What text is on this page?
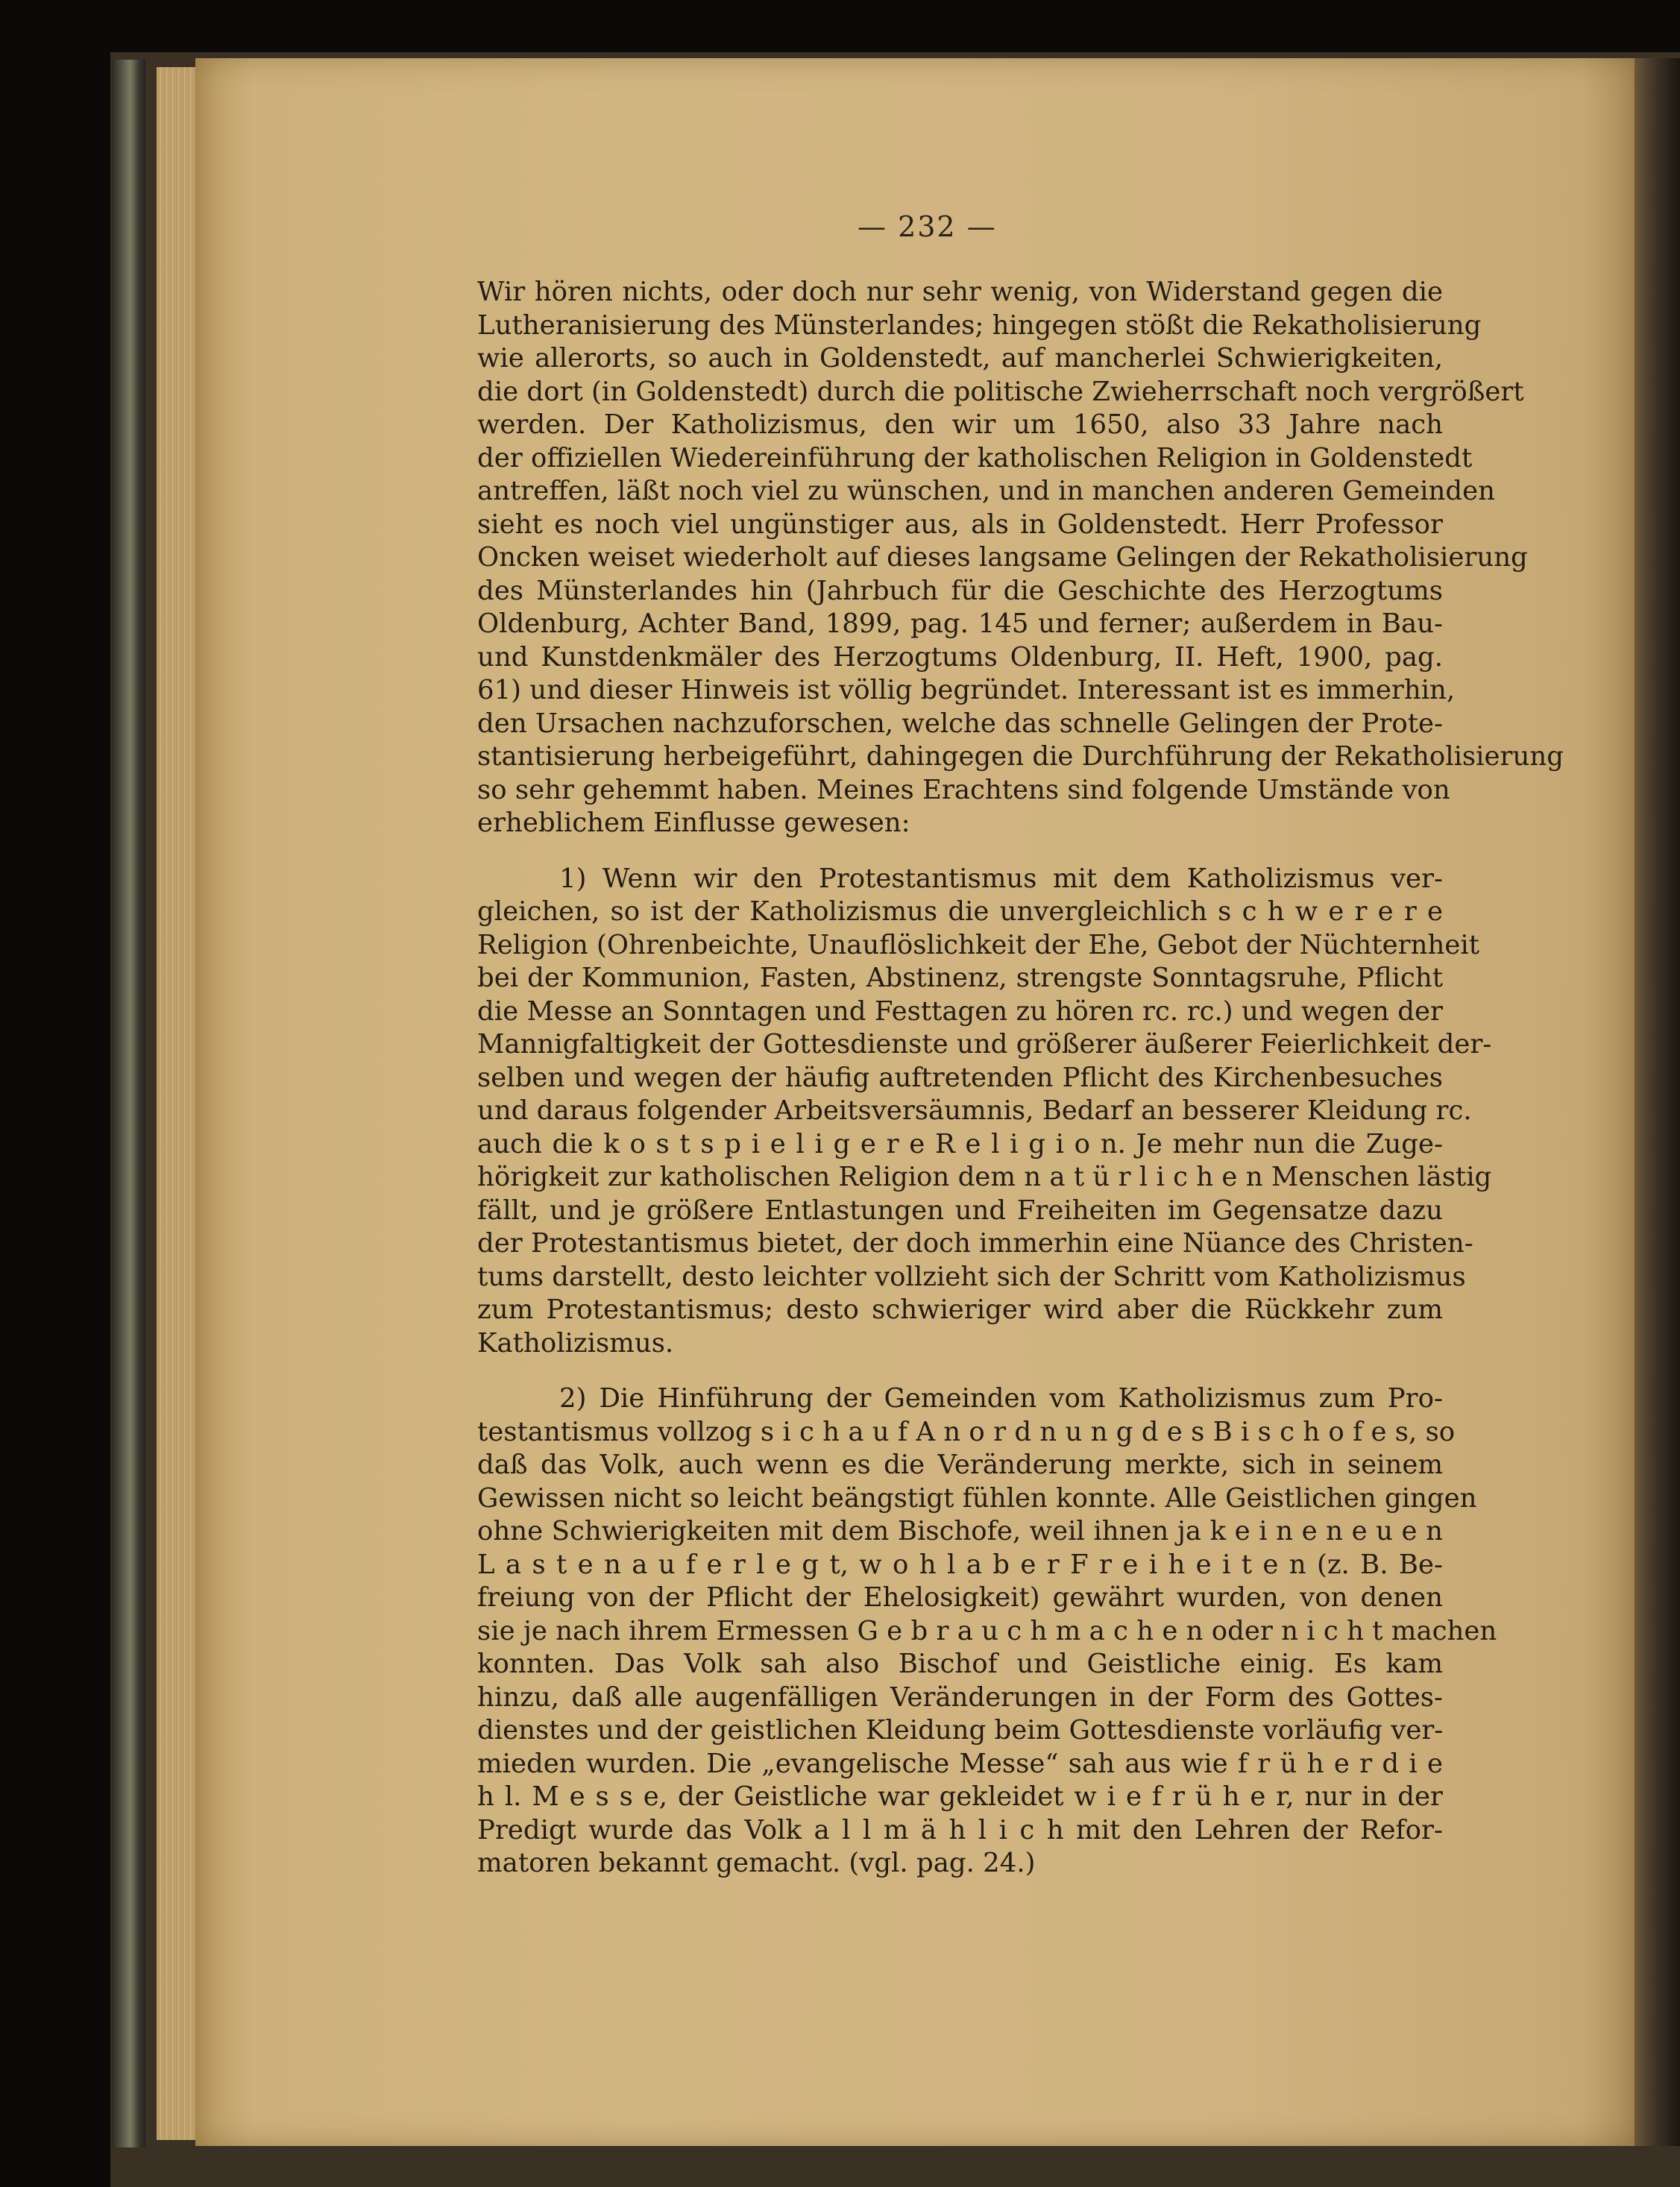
— 232 —
Wir hören nichts, oder doch nur sehr wenig, von Widerstand gegen die
Lutheranisierung des Münsterlandes; hingegen stößt die Rekatholisierung
wie allerorts, so auch in Goldenstedt, auf mancherlei Schwierigkeiten,
die dort (in Goldenstedt) durch die politische Zwieherrschaft noch vergrößert
werden. Der Katholizismus, den wir um 1650, also 33 Jahre nach
der offiziellen Wiedereinführung der katholischen Religion in Goldenstedt
antreffen, läßt noch viel zu wünschen, und in manchen anderen Gemeinden
sieht es noch viel ungünstiger aus, als in Goldenstedt. Herr Professor
Oncken weiset wiederholt auf dieses langsame Gelingen der Rekatholisierung
des Münsterlandes hin (Jahrbuch für die Geschichte des Herzogtums
Oldenburg, Achter Band, 1899, pag. 145 und ferner; außerdem in Bau-
und Kunstdenkmäler des Herzogtums Oldenburg, II. Heft, 1900, pag.
61) und dieser Hinweis ist völlig begründet. Interessant ist es immerhin,
den Ursachen nachzuforschen, welche das schnelle Gelingen der Prote-
stantisierung herbeigeführt, dahingegen die Durchführung der Rekatholisierung
so sehr gehemmt haben. Meines Erachtens sind folgende Umstände von
erheblichem Einflusse gewesen:
1) Wenn wir den Protestantismus mit dem Katholizismus ver-
gleichen, so ist der Katholizismus die unvergleichlich s c h w e r e r e
Religion (Ohrenbeichte, Unauflöslichkeit der Ehe, Gebot der Nüchternheit
bei der Kommunion, Fasten, Abstinenz, strengste Sonntagsruhe, Pflicht
die Messe an Sonntagen und Festtagen zu hören rc. rc.) und wegen der
Mannigfaltigkeit der Gottesdienste und größerer äußerer Feierlichkeit der-
selben und wegen der häufig auftretenden Pflicht des Kirchenbesuches
und daraus folgender Arbeitsversäumnis, Bedarf an besserer Kleidung rc.
auch die k o s t s p i e l i g e r e R e l i g i o n. Je mehr nun die Zuge-
hörigkeit zur katholischen Religion dem n a t ü r l i c h e n Menschen lästig
fällt, und je größere Entlastungen und Freiheiten im Gegensatze dazu
der Protestantismus bietet, der doch immerhin eine Nüance des Christen-
tums darstellt, desto leichter vollzieht sich der Schritt vom Katholizismus
zum Protestantismus; desto schwieriger wird aber die Rückkehr zum
Katholizismus.
2) Die Hinführung der Gemeinden vom Katholizismus zum Pro-
testantismus vollzog s i c h a u f A n o r d n u n g d e s B i s c h o f e s, so
daß das Volk, auch wenn es die Veränderung merkte, sich in seinem
Gewissen nicht so leicht beängstigt fühlen konnte. Alle Geistlichen gingen
ohne Schwierigkeiten mit dem Bischofe, weil ihnen ja k e i n e n e u e n
L a s t e n a u f e r l e g t, w o h l a b e r F r e i h e i t e n (z. B. Be-
freiung von der Pflicht der Ehelosigkeit) gewährt wurden, von denen
sie je nach ihrem Ermessen G e b r a u c h m a c h e n oder n i c h t machen
konnten. Das Volk sah also Bischof und Geistliche einig. Es kam
hinzu, daß alle augenfälligen Veränderungen in der Form des Gottes-
dienstes und der geistlichen Kleidung beim Gottesdienste vorläufig ver-
mieden wurden. Die „evangelische Messe“ sah aus wie f r ü h e r d i e
h l. M e s s e, der Geistliche war gekleidet w i e f r ü h e r, nur in der
Predigt wurde das Volk a l l m ä h l i c h mit den Lehren der Refor-
matoren bekannt gemacht. (vgl. pag. 24.)
